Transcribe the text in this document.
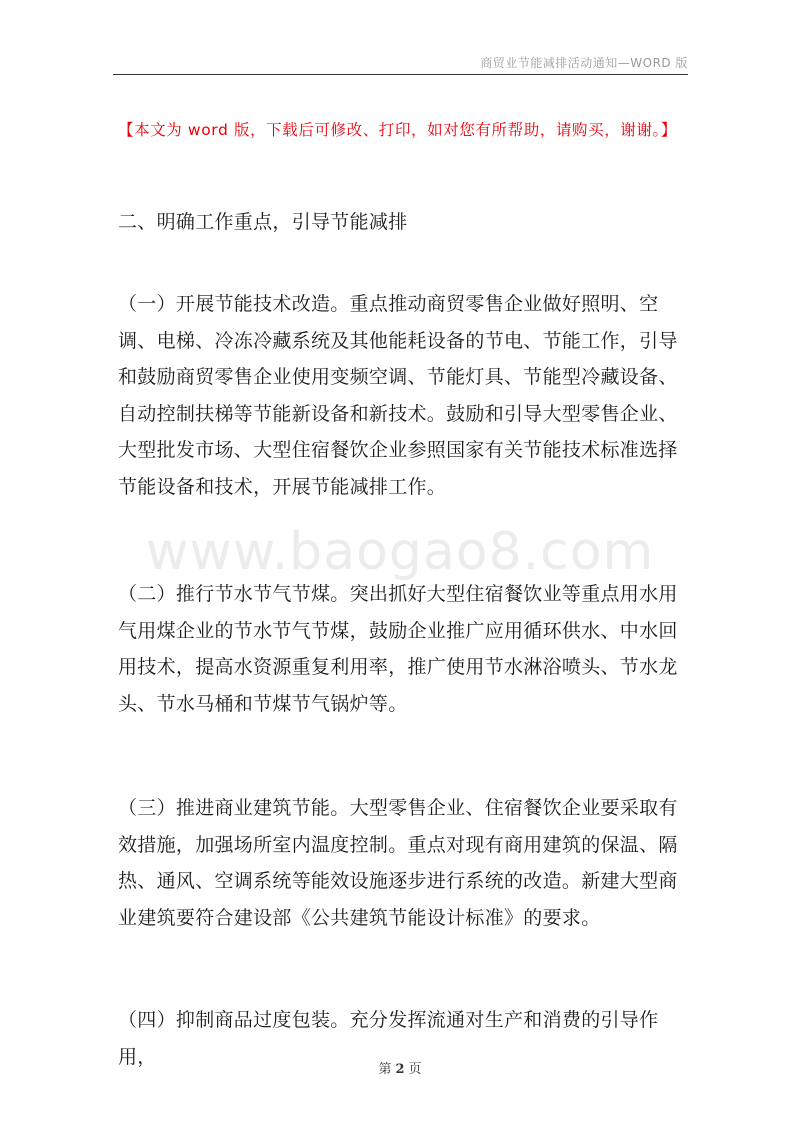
商贸业节能减排活动通知—WORD 版
【本文为 word 版，下载后可修改、打印，如对您有所帮助，请购买，谢谢。】
www.baogao8.com
二、明确工作重点，引导节能减排
（一）开展节能技术改造。重点推动商贸零售企业做好照明、空调、电梯、冷冻冷藏系统及其他能耗设备的节电、节能工作，引导和鼓励商贸零售企业使用变频空调、节能灯具、节能型冷藏设备、自动控制扶梯等节能新设备和新技术。鼓励和引导大型零售企业、大型批发市场、大型住宿餐饮企业参照国家有关节能技术标准选择节能设备和技术，开展节能减排工作。
（二）推行节水节气节煤。突出抓好大型住宿餐饮业等重点用水用气用煤企业的节水节气节煤，鼓励企业推广应用循环供水、中水回用技术，提高水资源重复利用率，推广使用节水淋浴喷头、节水龙头、节水马桶和节煤节气锅炉等。
（三）推进商业建筑节能。大型零售企业、住宿餐饮企业要采取有效措施，加强场所室内温度控制。重点对现有商用建筑的保温、隔热、通风、空调系统等能效设施逐步进行系统的改造。新建大型商业建筑要符合建设部《公共建筑节能设计标准》的要求。
（四）抑制商品过度包装。充分发挥流通对生产和消费的引导作用，
第 2 页
